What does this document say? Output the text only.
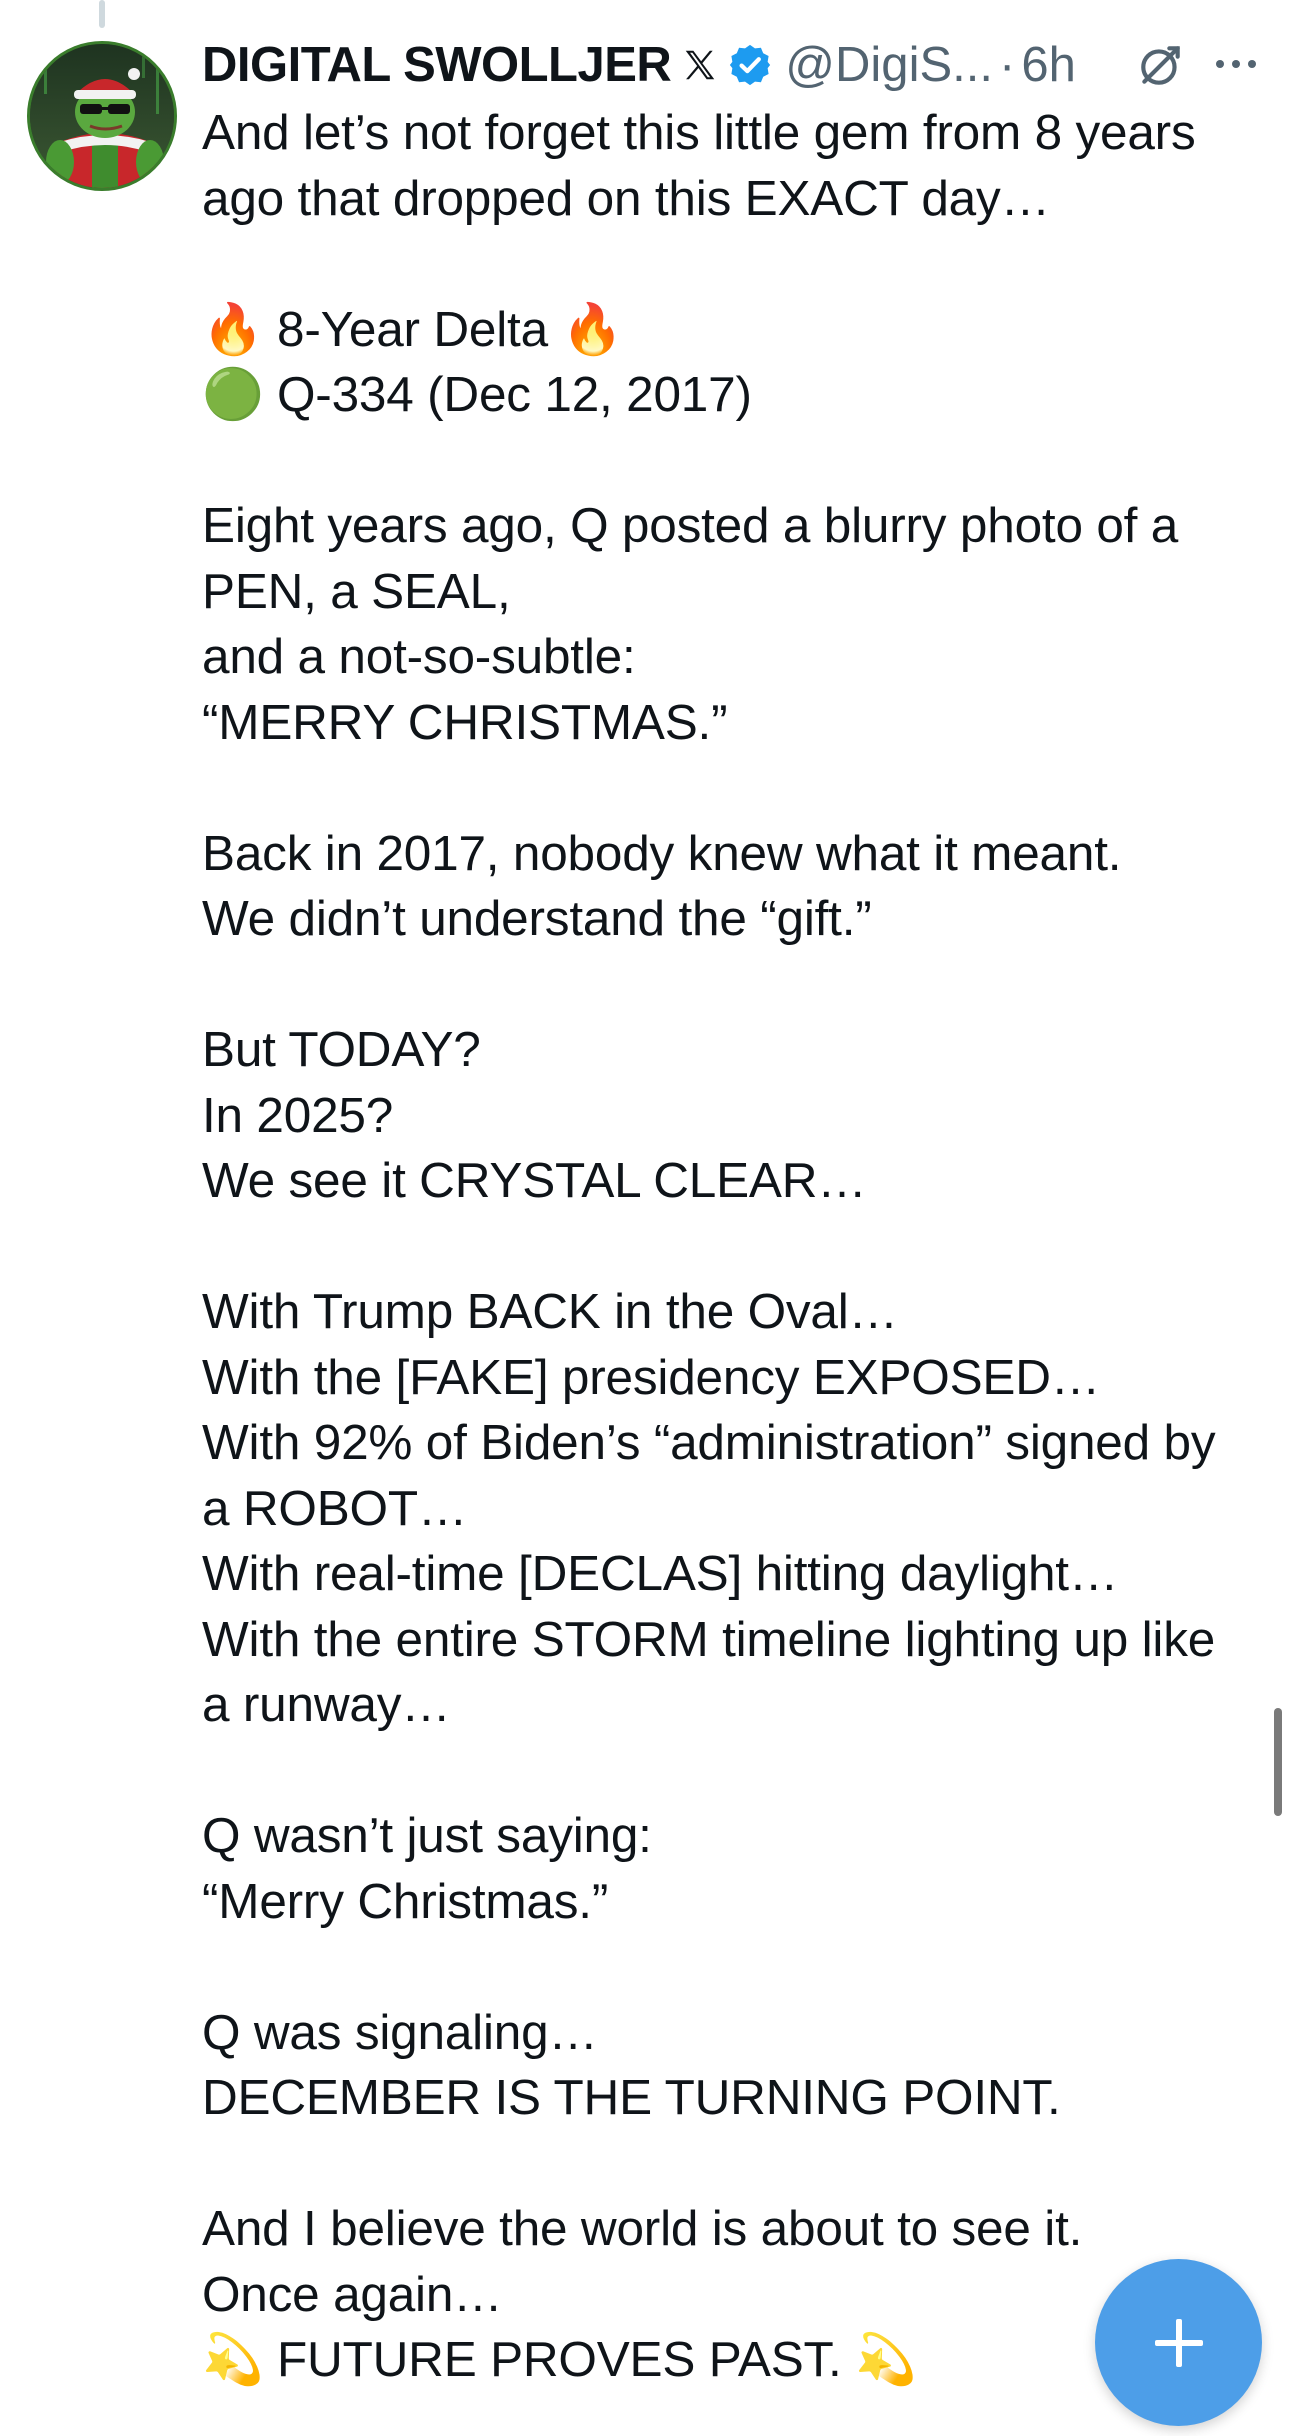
DIGITAL SWOLLJER @DigiS... · 6h

And let’s not forget this little gem from 8 years ago that dropped on this EXACT day…

🔥 8-Year Delta 🔥
🟢 Q-334 (Dec 12, 2017)

Eight years ago, Q posted a blurry photo of a PEN, a SEAL,
and a not-so-subtle:
“MERRY CHRISTMAS.”

Back in 2017, nobody knew what it meant.
We didn’t understand the “gift.”

But TODAY?
In 2025?
We see it CRYSTAL CLEAR…

With Trump BACK in the Oval…
With the [FAKE] presidency EXPOSED…
With 92% of Biden’s “administration” signed by a ROBOT…
With real-time [DECLAS] hitting daylight…
With the entire STORM timeline lighting up like a runway…

Q wasn’t just saying:
“Merry Christmas.”

Q was signaling…
DECEMBER IS THE TURNING POINT.

And I believe the world is about to see it.
Once again…
💫 FUTURE PROVES PAST. 💫
